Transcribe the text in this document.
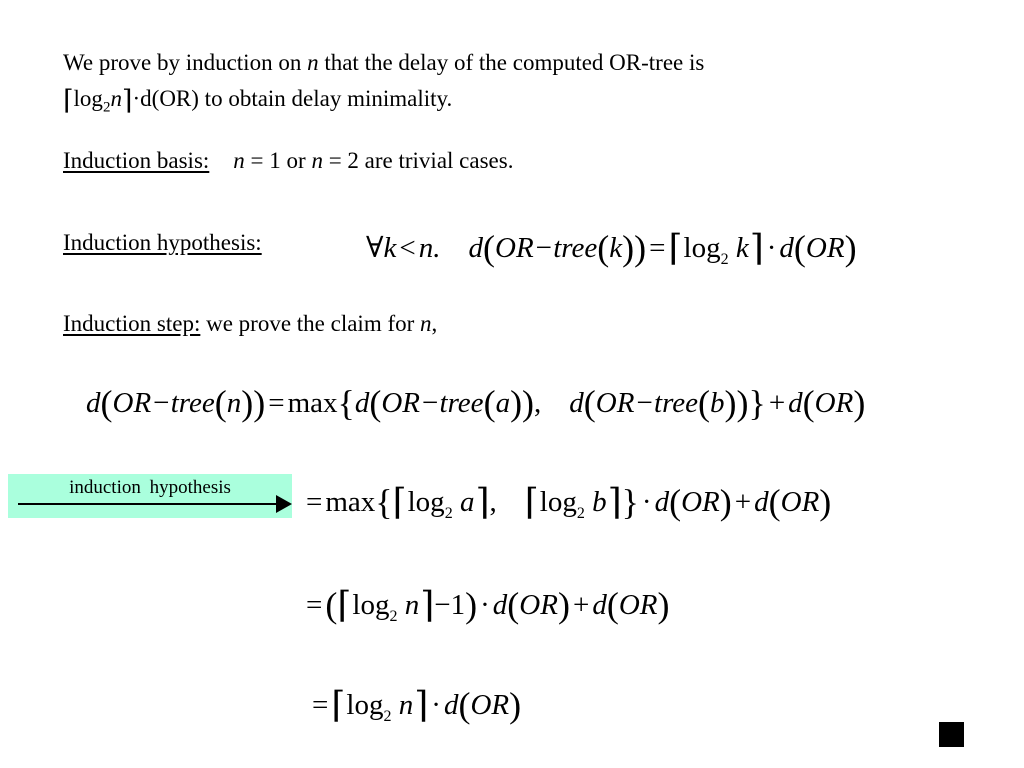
We prove by induction on n that the delay of the computed OR-tree is
$⌈\log_2n⌉\cdot d(OR)$ to obtain delay minimality.
Induction basis: n = 1 or n = 2 are trivial cases.
Induction hypothesis:	∀k < n. d(OR−tree(k)) $=⌈\log_2$ k⌉ · d(OR)
Induction step: we prove the claim for n,
d(OR−tree(n)) = max{d(OR−tree(a)), d(OR−tree(b))} + d(OR)
induction hypothesis	= $\max\{⌈\log_2$ a⌉, $⌈\log_2$ b⌉} · d(OR) + d(OR)
$=(⌈\log_2$ n⌉−1) · d(OR) + d(OR)
$=⌈\log_2$ n⌉ · d(OR)
